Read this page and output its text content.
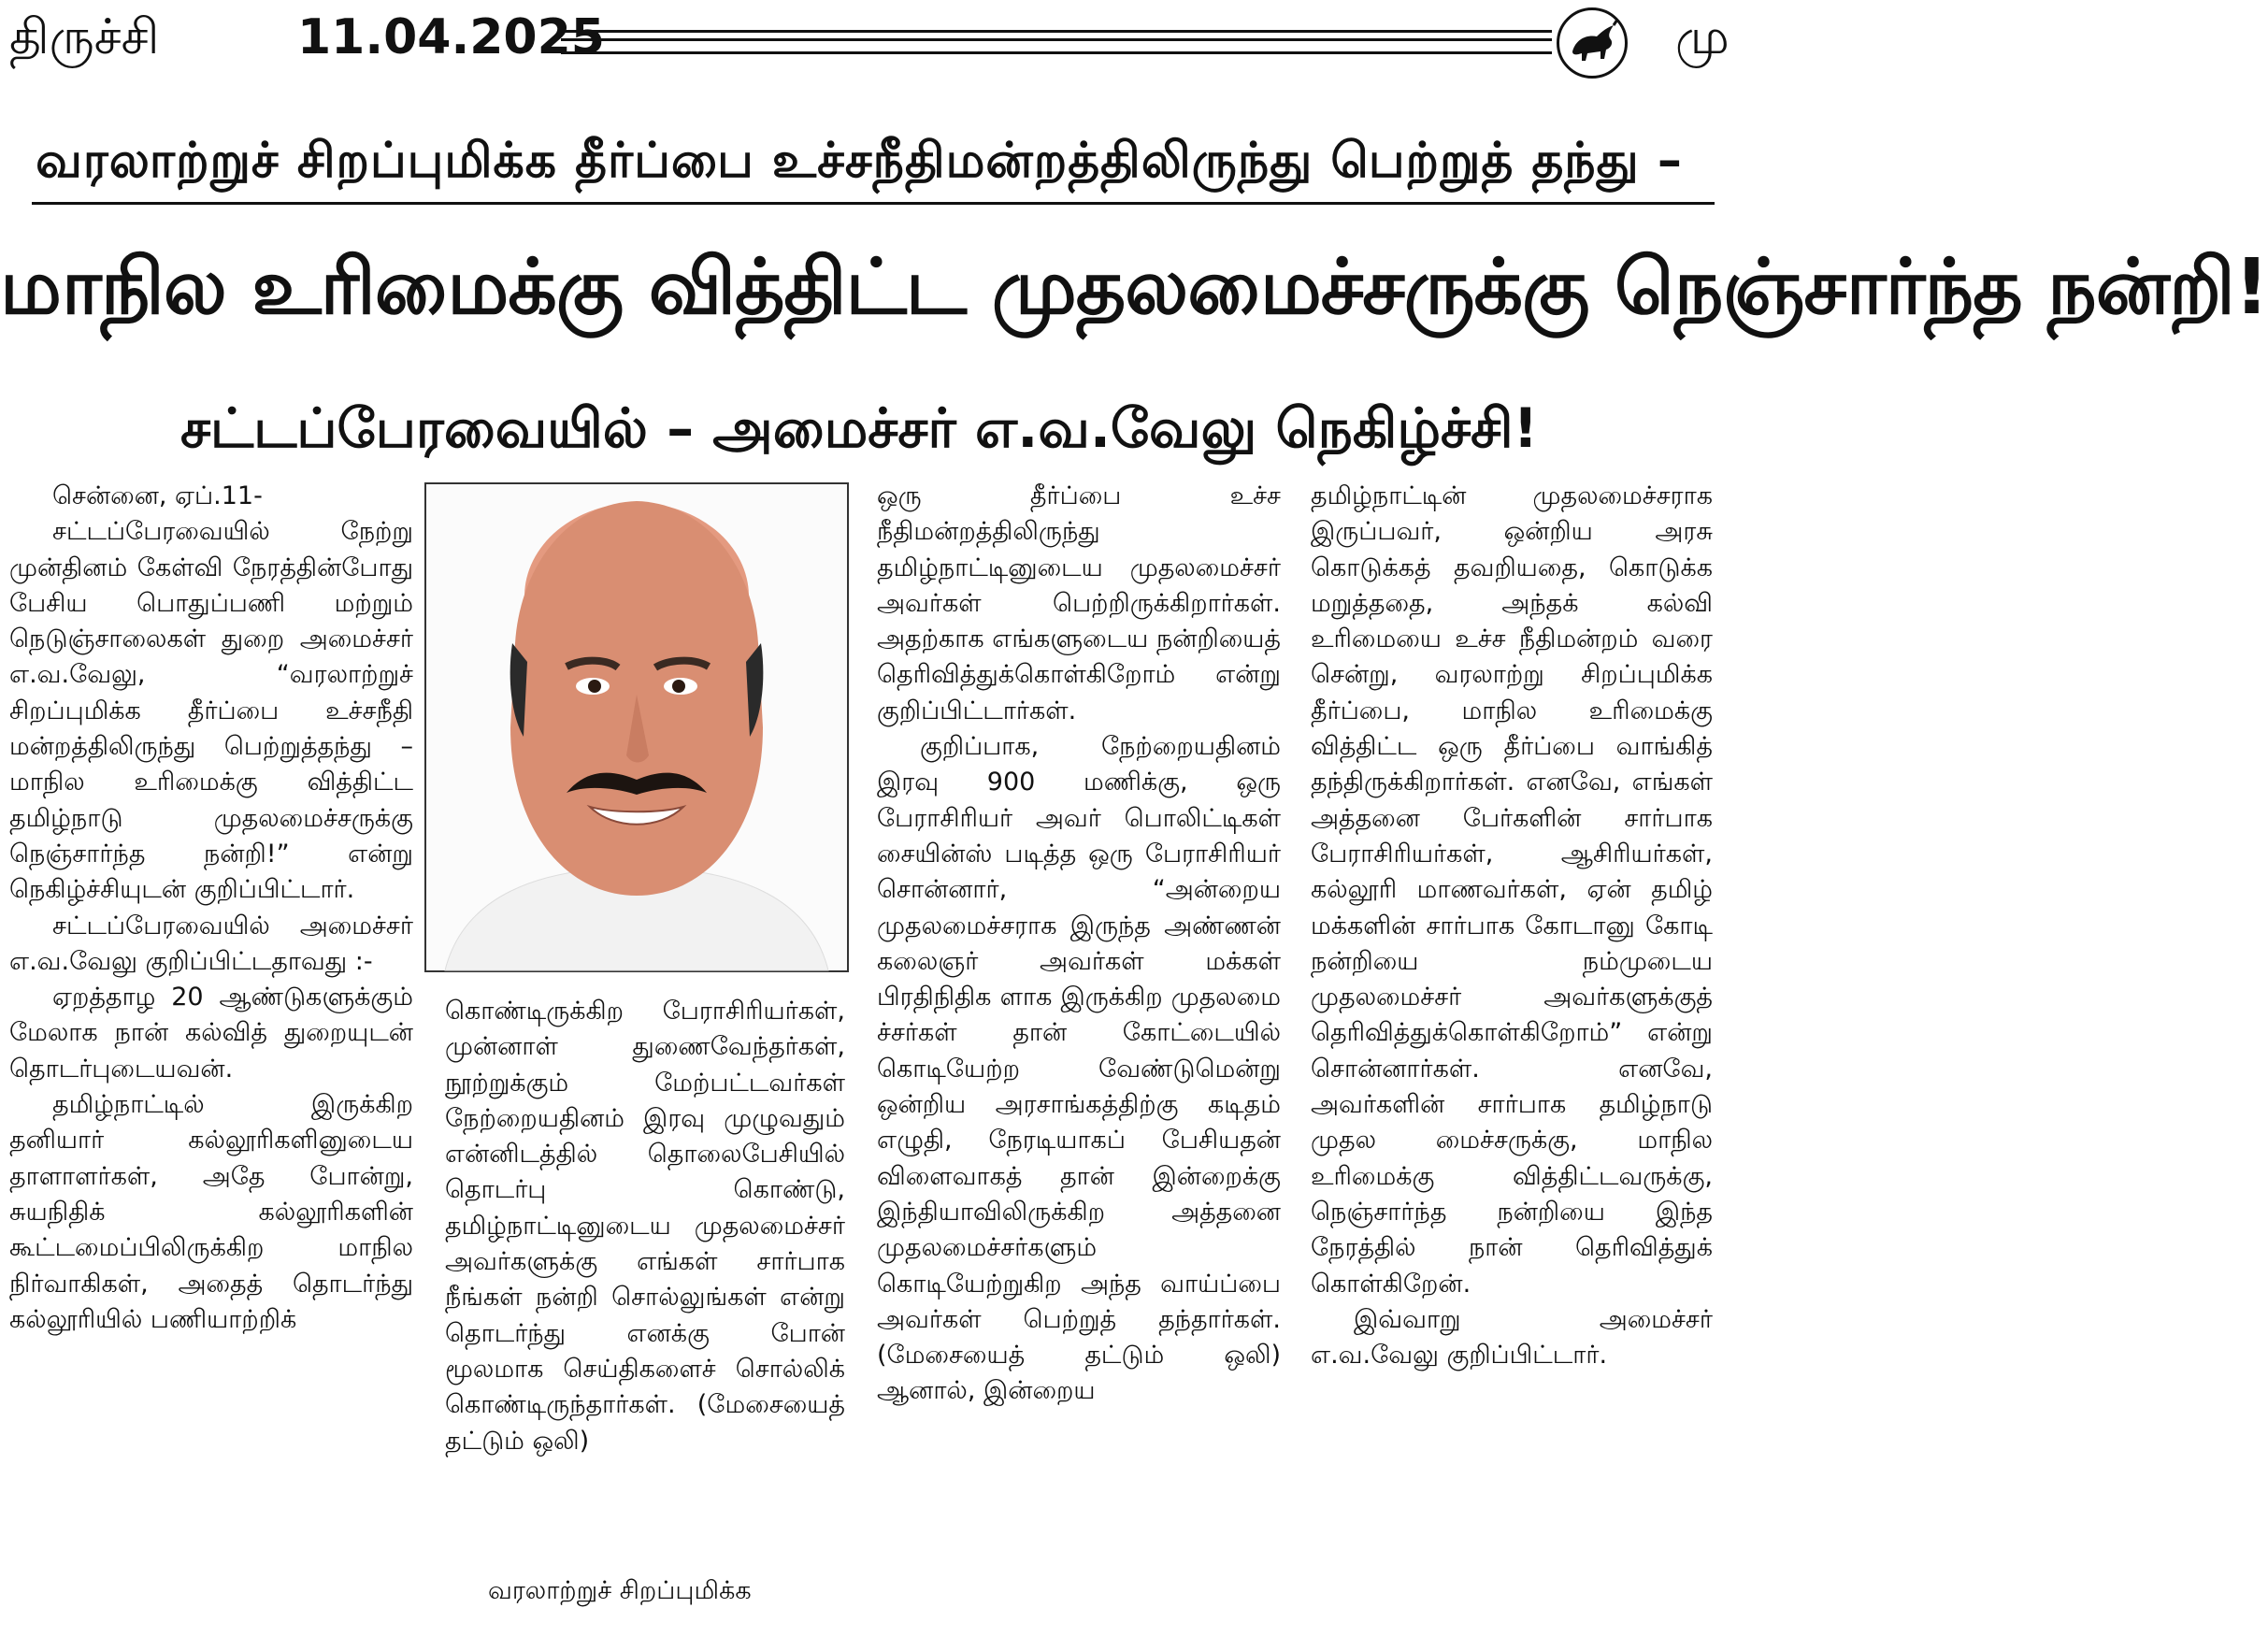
திருச்சி	11.04.2025	மு
வரலாற்றுச் சிறப்புமிக்க தீர்ப்பை உச்சநீதிமன்றத்திலிருந்து பெற்றுத் தந்து –
மாநில உரிமைக்கு வித்திட்ட முதலமைச்சருக்கு நெஞ்சார்ந்த நன்றி!
சட்டப்பேரவையில் – அமைச்சர் எ.வ.வேலு நெகிழ்ச்சி!

சென்னை, ஏப்.11-

சட்டப்பேரவையில் நேற்று முன்தினம் கேள்வி நேரத்தின்போது பேசிய பொதுப்பணி மற்றும் நெடுஞ்சாலைகள் துறை அமைச்சர் எ.வ.வேலு, “வரலாற்றுச் சிறப்புமிக்க தீர்ப்பை உச்சநீதி மன்றத்திலிருந்து பெற்றுத்தந்து – மாநில உரிமைக்கு வித்திட்ட தமிழ்நாடு முதலமைச்சருக்கு நெஞ்சார்ந்த நன்றி!” என்று நெகிழ்ச்சியுடன் குறிப்பிட்டார்.

சட்டப்பேரவையில் அமைச்சர் எ.வ.வேலு குறிப்பிட்டதாவது :-

ஏறத்தாழ 20 ஆண்டுகளுக்கும் மேலாக நான் கல்வித் துறையுடன் தொடர்புடையவன்.

தமிழ்நாட்டில் இருக்கிற தனியார் கல்லூரிகளினுடைய தாளாளர்கள், அதே போன்று, சுயநிதிக் கல்லூரிகளின் கூட்டமைப்பிலிருக்கிற மாநில நிர்வாகிகள், அதைத் தொடர்ந்து கல்லூரியில் பணியாற்றிக்

கொண்டிருக்கிற பேராசிரியர்கள், முன்னாள் துணைவேந்தர்கள், நூற்றுக்கும் மேற்பட்டவர்கள் நேற்றையதினம் இரவு முழுவதும் என்னிடத்தில் தொலைபேசியில் தொடர்பு கொண்டு, தமிழ்நாட்டினுடைய முதலமைச்சர் அவர்களுக்கு எங்கள் சார்பாக நீங்கள் நன்றி சொல்லுங்கள் என்று தொடர்ந்து எனக்கு போன் மூலமாக செய்திகளைச் சொல்லிக் கொண்டிருந்தார்கள். (மேசையைத் தட்டும் ஒலி)

வரலாற்றுச் சிறப்புமிக்க

ஒரு தீர்ப்பை உச்ச நீதிமன்றத்திலிருந்து தமிழ்நாட்டினுடைய முதலமைச்சர் அவர்கள் பெற்றிருக்கிறார்கள். அதற்காக எங்களுடைய நன்றியைத் தெரிவித்துக்கொள்கிறோம் என்று குறிப்பிட்டார்கள்.

குறிப்பாக, நேற்றையதினம் இரவு 900 மணிக்கு, ஒரு பேராசிரியர் அவர் பொலிட்டிகள் சையின்ஸ் படித்த ஒரு பேராசிரியர் சொன்னார், “அன்றைய முதலமைச்சராக இருந்த அண்ணன் கலைஞர் அவர்கள் மக்கள் பிரதிநிதிக ளாக இருக்கிற முதலமை ச்சர்கள் தான் கோட்டையில் கொடியேற்ற வேண்டுமென்று ஒன்றிய அரசாங்கத்திற்கு கடிதம் எழுதி, நேரடியாகப் பேசியதன் விளைவாகத் தான் இன்றைக்கு இந்தியாவிலிருக்கிற அத்தனை முதலமைச்சர்களும் கொடியேற்றுகிற அந்த வாய்ப்பை அவர்கள் பெற்றுத் தந்தார்கள். (மேசையைத் தட்டும் ஒலி) ஆனால், இன்றைய

தமிழ்நாட்டின் முதலமைச்சராக இருப்பவர், ஒன்றிய அரசு கொடுக்கத் தவறியதை, கொடுக்க மறுத்ததை, அந்தக் கல்வி உரிமையை உச்ச நீதிமன்றம் வரை சென்று, வரலாற்று சிறப்புமிக்க தீர்ப்பை, மாநில உரிமைக்கு வித்திட்ட ஒரு தீர்ப்பை வாங்கித் தந்திருக்கிறார்கள். எனவே, எங்கள் அத்தனை பேர்களின் சார்பாக பேராசிரியர்கள், ஆசிரியர்கள், கல்லூரி மாணவர்கள், ஏன் தமிழ் மக்களின் சார்பாக கோடானு கோடி நன்றியை நம்முடைய முதலமைச்சர் அவர்களுக்குத் தெரிவித்துக்கொள்கிறோம்” என்று சொன்னார்கள். எனவே, அவர்களின் சார்பாக தமிழ்நாடு முதல மைச்சருக்கு, மாநில உரிமைக்கு வித்திட்டவருக்கு, நெஞ்சார்ந்த நன்றியை இந்த நேரத்தில் நான் தெரிவித்துக் கொள்கிறேன்.

இவ்வாறு அமைச்சர் எ.வ.வேலு குறிப்பிட்டார்.
